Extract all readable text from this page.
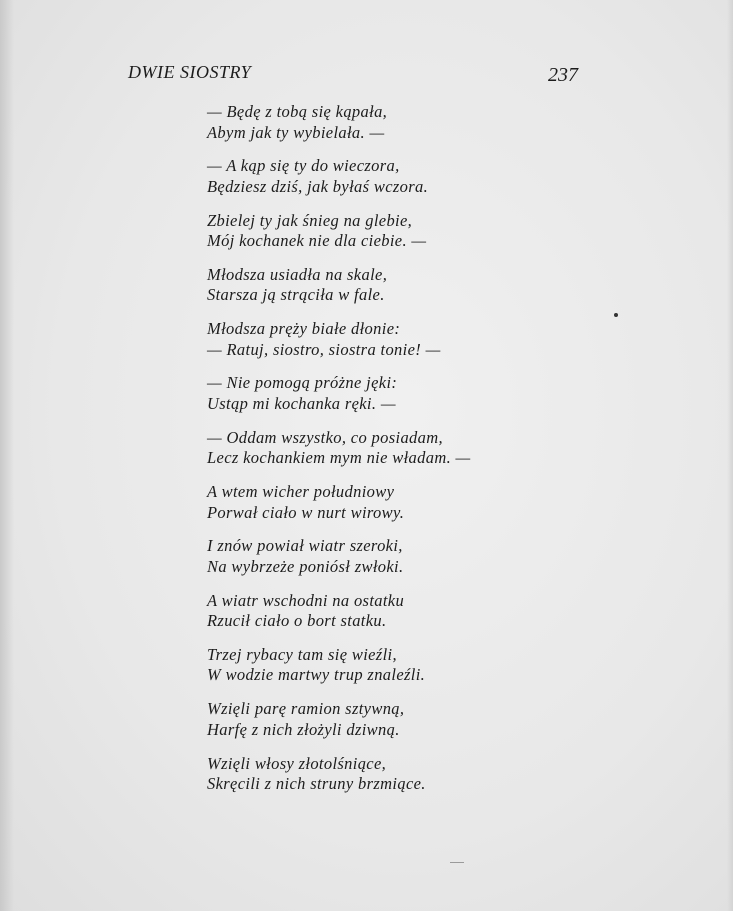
DWIE SIOSTRY	237
— Będę z tobą się kąpała,
Abym jak ty wybielała. —
— A kąp się ty do wieczora,
Będziesz dziś, jak byłaś wczora.
Zbielej ty jak śnieg na glebie,
Mój kochanek nie dla ciebie. —
Młodsza usiadła na skale,
Starsza ją strąciła w fale.
Młodsza pręży białe dłonie:
— Ratuj, siostro, siostra tonie! —
— Nie pomogą próżne jęki:
Ustąp mi kochanka ręki. —
— Oddam wszystko, co posiadam,
Lecz kochankiem mym nie władam. —
A wtem wicher południowy
Porwał ciało w nurt wirowy.
I znów powiał wiatr szeroki,
Na wybrzeże poniósł zwłoki.
A wiatr wschodni na ostatku
Rzucił ciało o bort statku.
Trzej rybacy tam się wieźli,
W wodzie martwy trup znaleźli.
Wzięli parę ramion sztywną,
Harfę z nich złożyli dziwną.
Wzięli włosy złotolśniące,
Skręcili z nich struny brzmiące.
